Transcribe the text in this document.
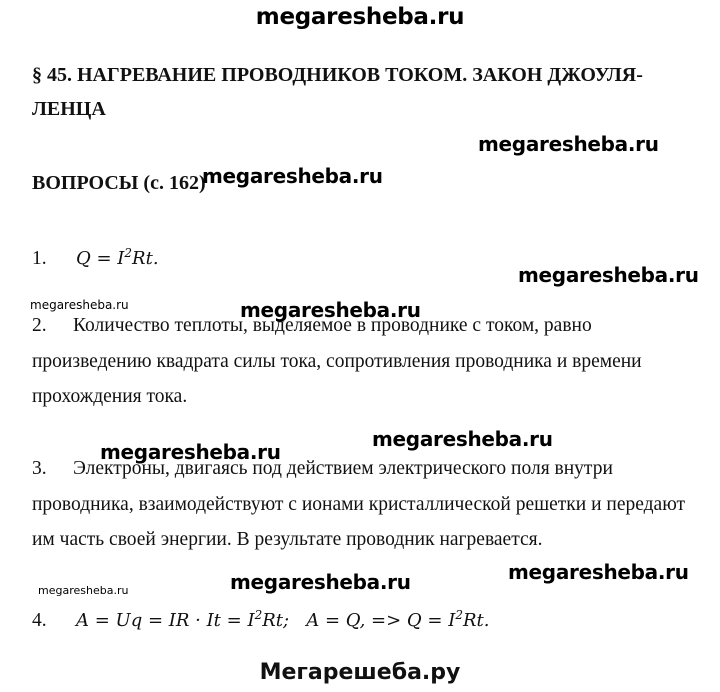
megaresheba.ru
§ 45. НАГРЕВАНИЕ ПРОВОДНИКОВ ТОКОМ. ЗАКОН ДЖОУЛЯ-
ЛЕНЦА
megaresheba.ru
ВОПРОСЫ (с. 162)
megaresheba.ru
1. $Q = I^2Rt$.
megaresheba.ru
megaresheba.ru	megaresheba.ru
2. Количество теплоты, выделяемое в проводнике с током, равно произведению квадрата силы тока, сопротивления проводника и времени прохождения тока.
megaresheba.ru
megaresheba.ru
3. Электроны, двигаясь под действием электрического поля внутри проводника, взаимодействуют с ионами кристаллической решетки и передают им часть своей энергии. В результате проводник нагревается.
megaresheba.ru	megaresheba.ru	megaresheba.ru
4. A = Uq = IR · $It = I^2Rt$;   A = Q, => $Q = I^2Rt$.
Мегарешеба.ру
